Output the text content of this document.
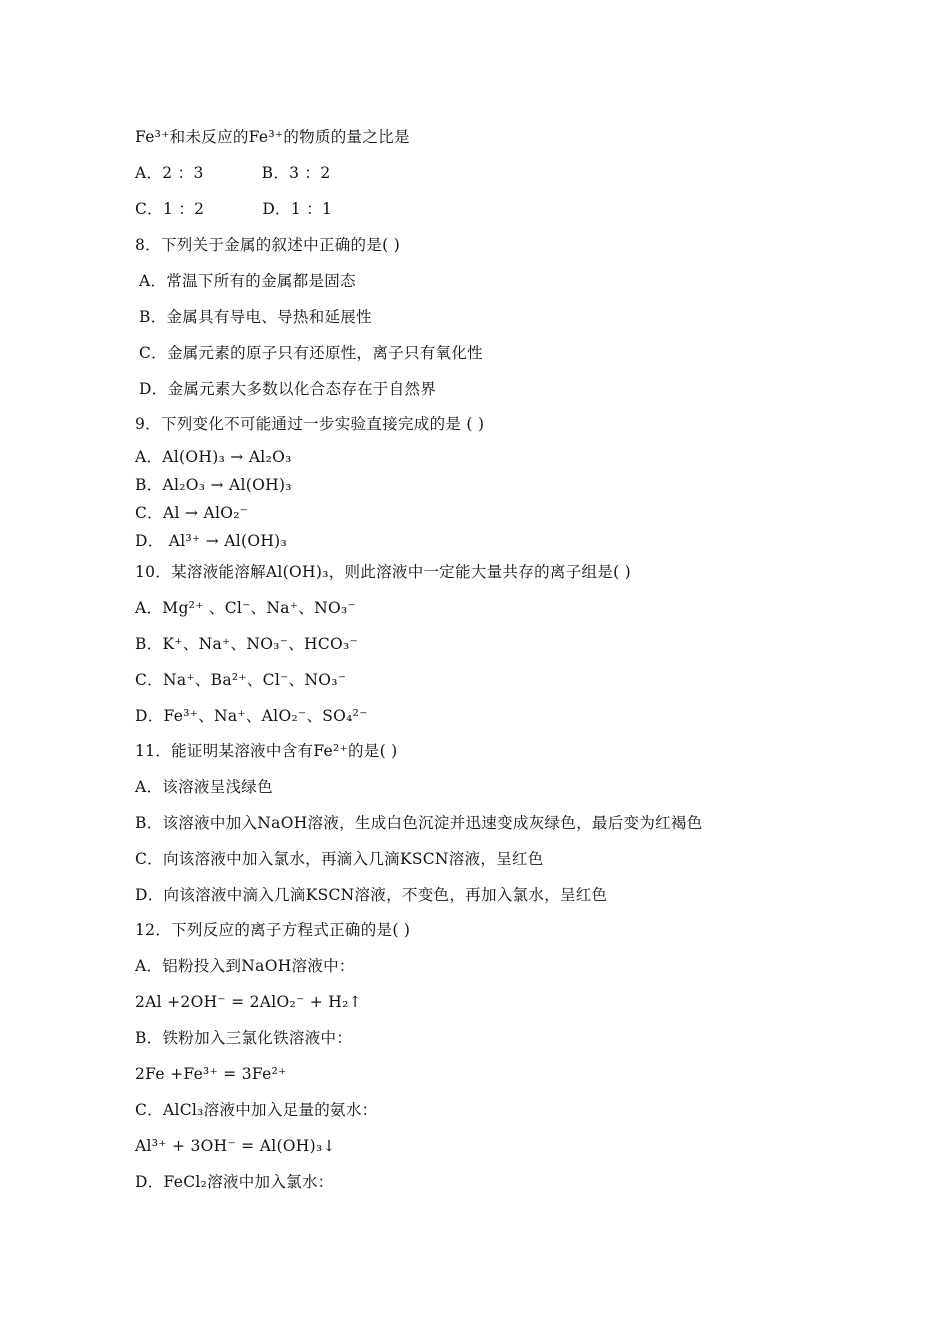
Fe³⁺和未反应的Fe³⁺的物质的量之比是
A．2 ：3	B．3 ：2
C．1 ：2	D．1 ：1
8．下列关于金属的叙述中正确的是( )
A．常温下所有的金属都是固态
B．金属具有导电、导热和延展性
C．金属元素的原子只有还原性，离子只有氧化性
D．金属元素大多数以化合态存在于自然界
9．下列变化不可能通过一步实验直接完成的是 ( )
A．Al(OH)₃ → Al₂O₃
B．Al₂O₃ → Al(OH)₃
C．Al → AlO₂⁻
D． Al³⁺ → Al(OH)₃
10．某溶液能溶解Al(OH)₃，则此溶液中一定能大量共存的离子组是( )
A．Mg²⁺ 、Cl⁻、Na⁺、NO₃⁻
B．K⁺、Na⁺、NO₃⁻、HCO₃⁻
C．Na⁺、Ba²⁺、Cl⁻、NO₃⁻
D．Fe³⁺、Na⁺、AlO₂⁻、SO₄²⁻
11．能证明某溶液中含有Fe²⁺的是( )
A．该溶液呈浅绿色
B．该溶液中加入NaOH溶液，生成白色沉淀并迅速变成灰绿色，最后变为红褐色
C．向该溶液中加入氯水，再滴入几滴KSCN溶液，呈红色
D．向该溶液中滴入几滴KSCN溶液，不变色，再加入氯水，呈红色
12．下列反应的离子方程式正确的是( )
A．铝粉投入到NaOH溶液中：
2Al +2OH⁻ = 2AlO₂⁻ + H₂↑
B．铁粉加入三氯化铁溶液中：
2Fe +Fe³⁺ = 3Fe²⁺
C．AlCl₃溶液中加入足量的氨水：
Al³⁺ + 3OH⁻ = Al(OH)₃↓
D．FeCl₂溶液中加入氯水：
